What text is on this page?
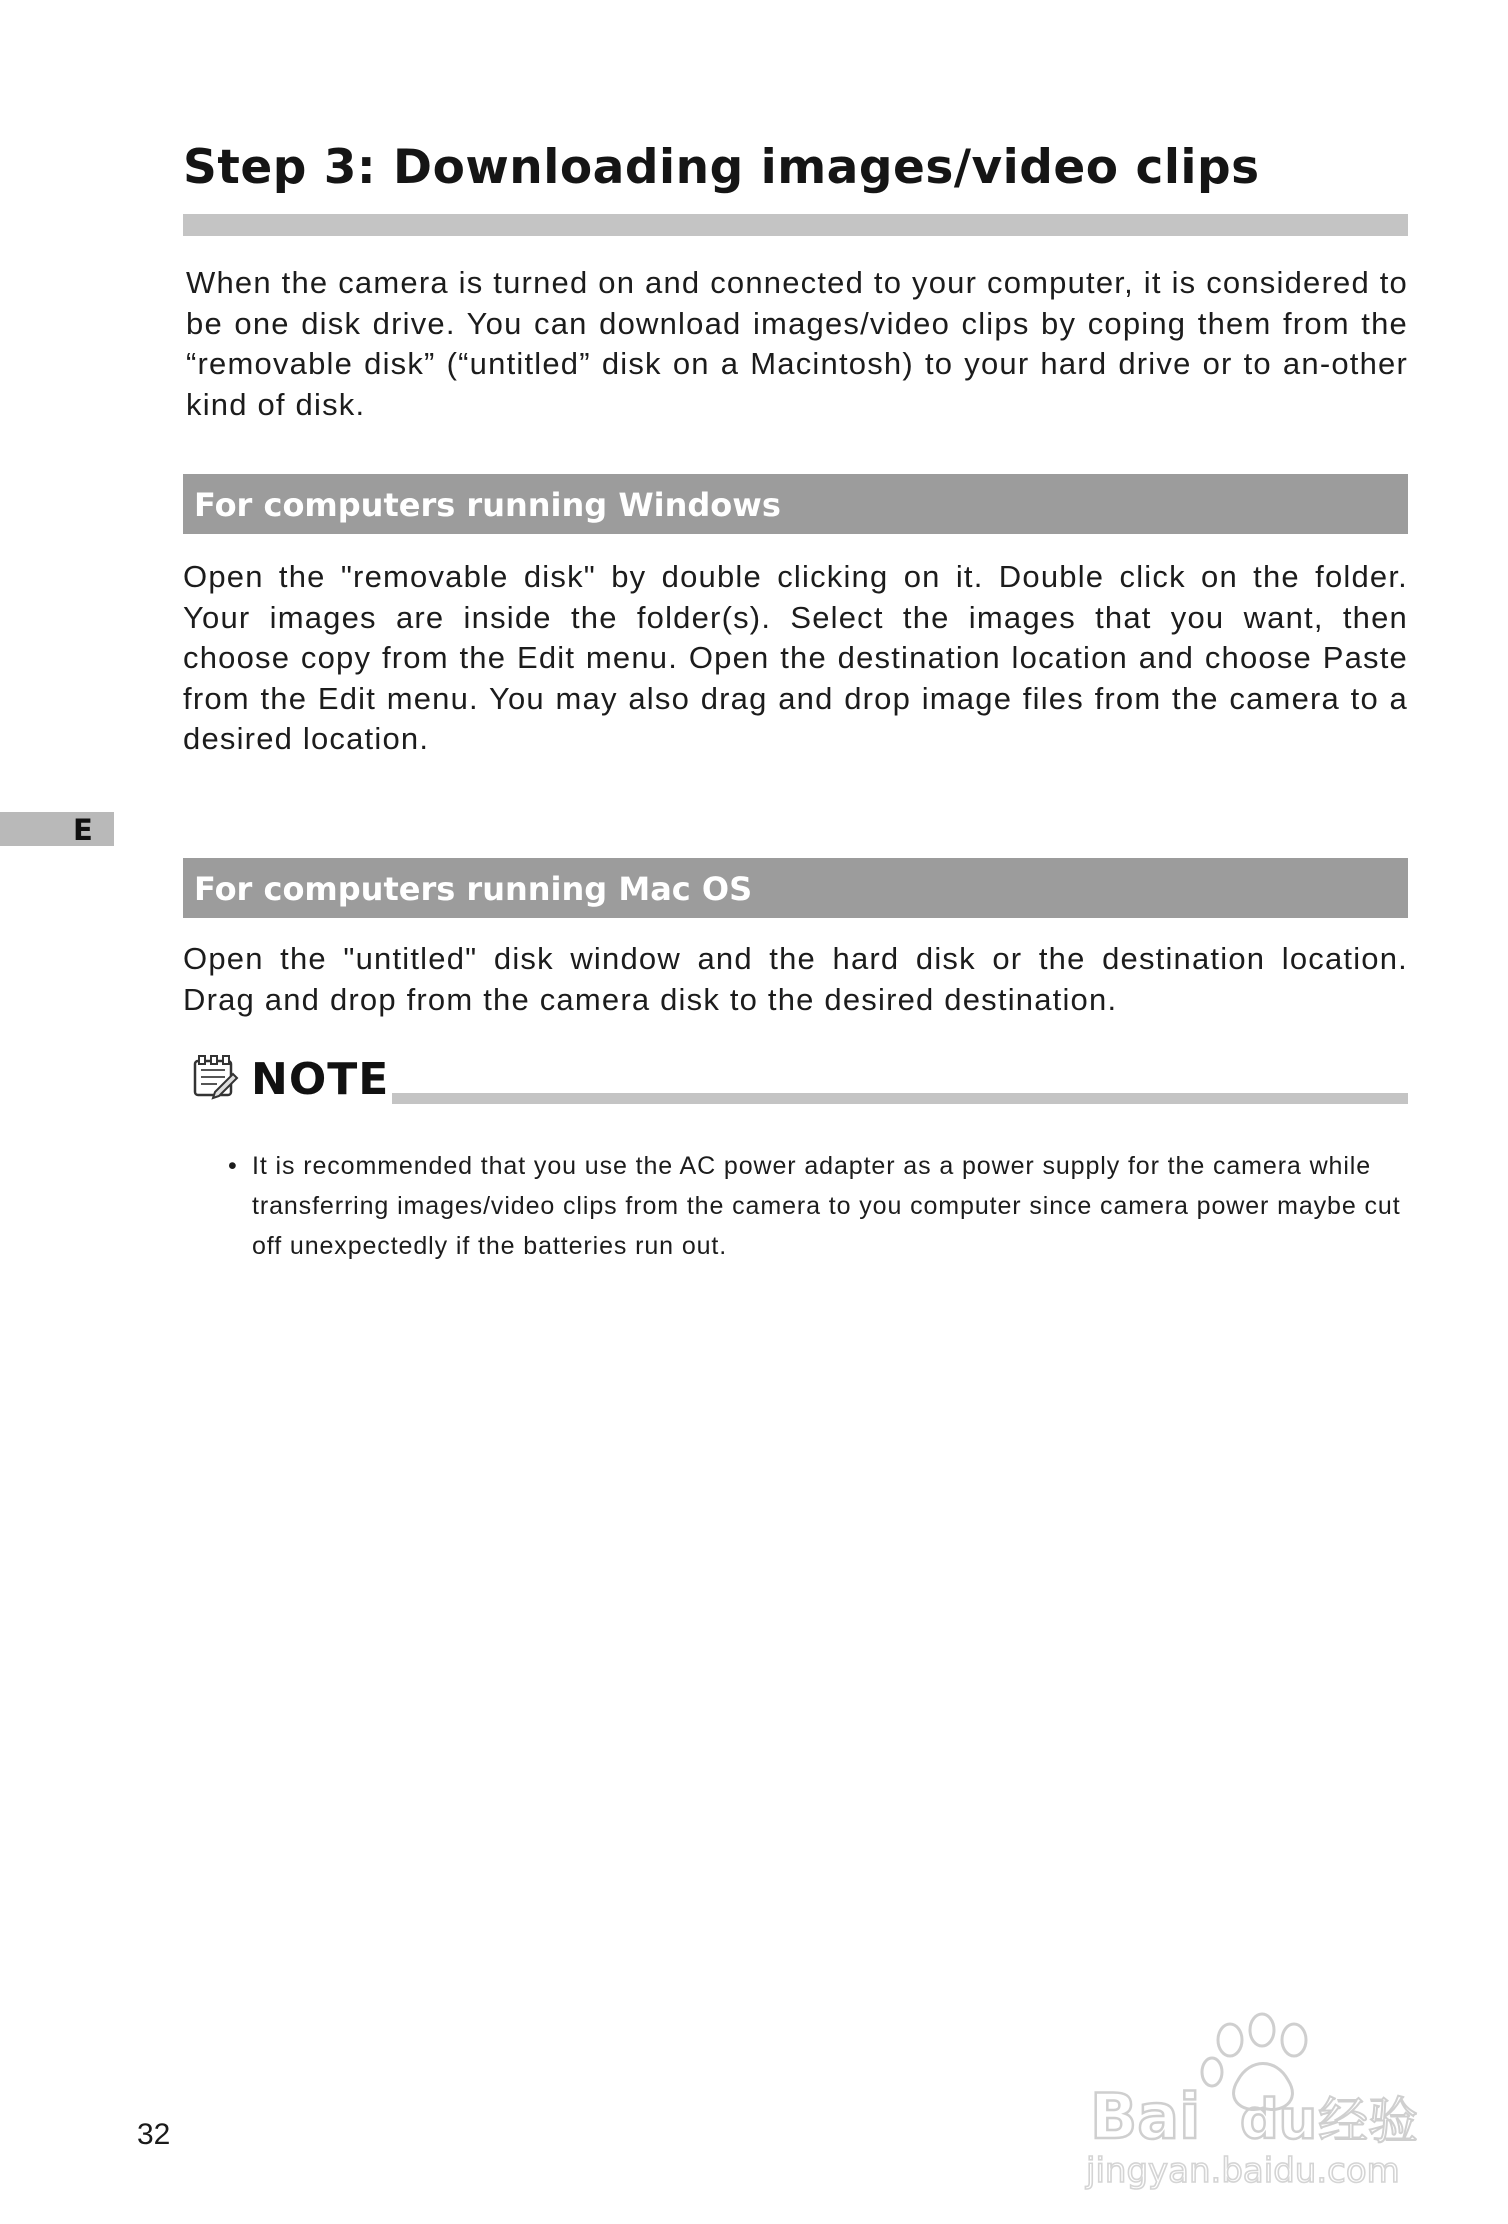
Step 3: Downloading images/video clips

When the camera is turned on and connected to your computer, it is considered to be one disk drive. You can download images/video clips by coping them from the “removable disk” (“untitled” disk on a Macintosh) to your hard drive or to an-other kind of disk.

For computers running Windows

Open the "removable disk" by double clicking on it. Double click on the folder. Your images are inside the folder(s). Select the images that you want, then choose copy from the Edit menu. Open the destination location and choose Paste from the Edit menu. You may also drag and drop image files from the camera to a desired location.

E
For computers running Mac OS

Open the "untitled" disk window and the hard disk or the destination location. Drag and drop from the camera disk to the desired destination.

NOTE
• It is recommended that you use the AC power adapter as a power supply for the camera while transferring images/video clips from the camera to you computer since camera power maybe cut off unexpectedly if the batteries run out.
32	Bai du 经验
jingyan.baidu.com
